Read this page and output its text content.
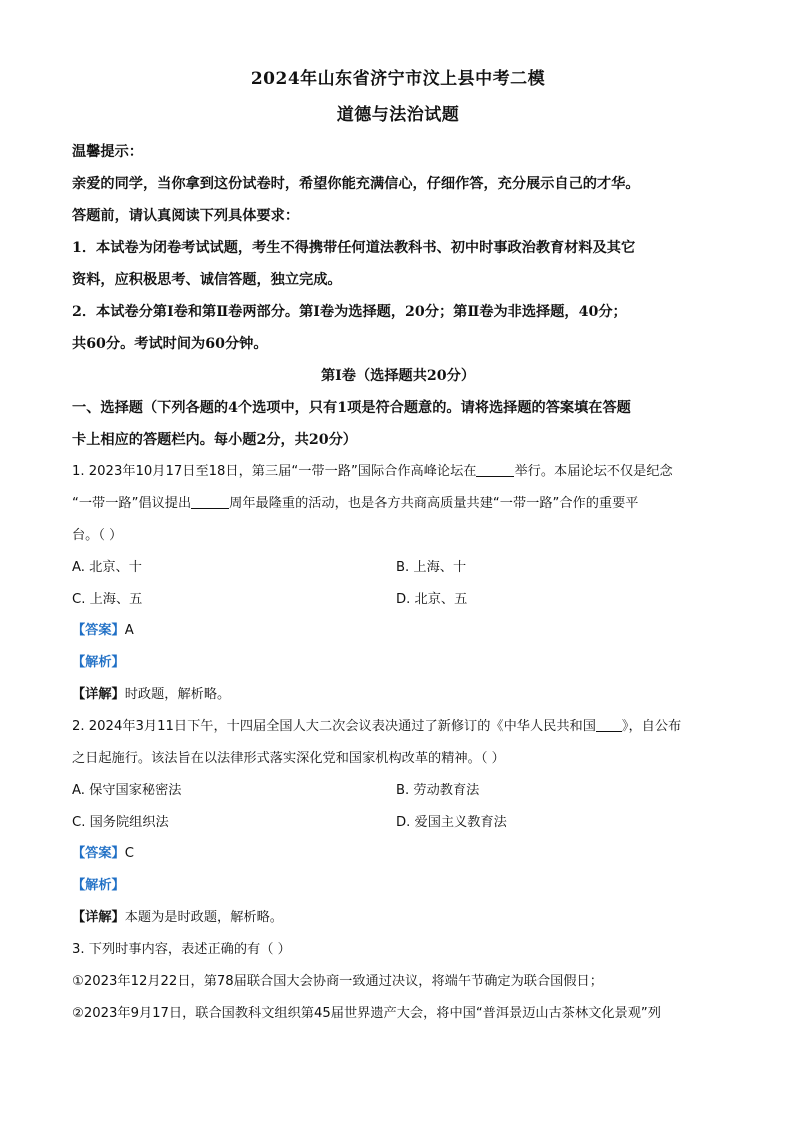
2024年山东省济宁市汶上县中考二模
道德与法治试题
温馨提示：
亲爱的同学，当你拿到这份试卷时，希望你能充满信心，仔细作答，充分展示自己的才华。
答题前，请认真阅读下列具体要求：
1．本试卷为闭卷考试试题，考生不得携带任何道法教科书、初中时事政治教育材料及其它
资料，应积极思考、诚信答题，独立完成。
2．本试卷分第Ⅰ卷和第Ⅱ卷两部分。第Ⅰ卷为选择题，20分；第Ⅱ卷为非选择题，40分；
共60分。考试时间为60分钟。
第Ⅰ卷（选择题共20分）
一、选择题（下列各题的4个选项中，只有1项是符合题意的。请将选择题的答案填在答题
卡上相应的答题栏内。每小题2分，共20分）
1. 2023年10月17日至18日，第三届“一带一路”国际合作高峰论坛在	举行。本届论坛不仅是纪念
“一带一路”倡议提出	周年最隆重的活动，也是各方共商高质量共建“一带一路”合作的重要平
台。（ ）
A. 北京、十	B. 上海、十
C. 上海、五	D. 北京、五
【答案】A
【解析】
【详解】时政题，解析略。
2. 2024年3月11日下午，十四届全国人大二次会议表决通过了新修订的《中华人民共和国 》，自公布
之日起施行。该法旨在以法律形式落实深化党和国家机构改革的精神。（ ）
A. 保守国家秘密法	B. 劳动教育法
C. 国务院组织法	D. 爱国主义教育法
【答案】C
【解析】
【详解】本题为是时政题，解析略。
3. 下列时事内容，表述正确的有（ ）
①2023年12月22日，第78届联合国大会协商一致通过决议，将端午节确定为联合国假日；
②2023年9月17日，联合国教科文组织第45届世界遗产大会，将中国“普洱景迈山古茶林文化景观”列
